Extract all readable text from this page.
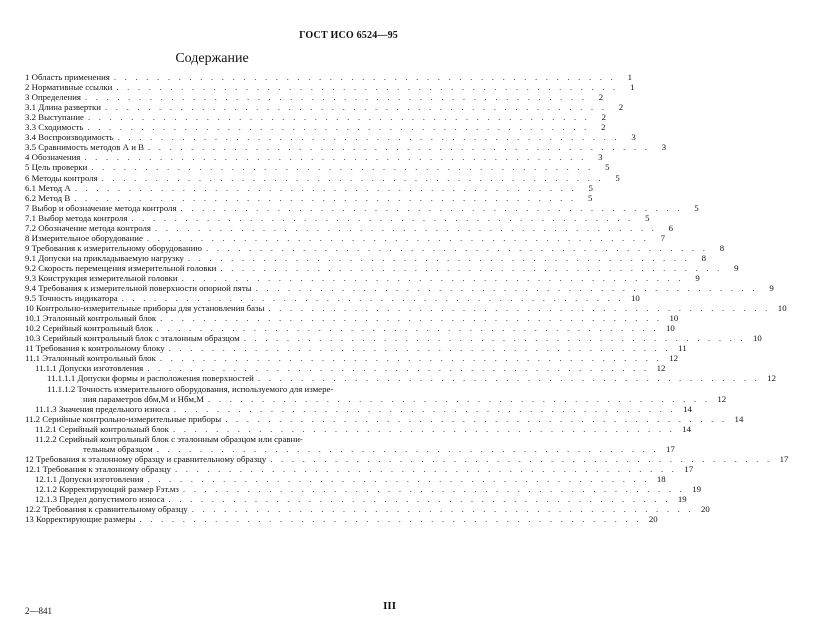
ГОСТ ИСО 6524—95
Содержание
1 Область применения . . . . . . . . . . . . . . . . . . . . . . . . . . . . . . . . . . . . . . . . . . . . . . .	1
2 Нормативные ссылки . . . . . . . . . . . . . . . . . . . . . . . . . . . . . . . . . . . . . . . . . . . . . . .	1
3 Определения . . . . . . . . . . . . . . . . . . . . . . . . . . . . . . . . . . . . . . . . . . . . . . .	2
3.1 Длина развертки . . . . . . . . . . . . . . . . . . . . . . . . . . . . . . . . . . . . . . . . . . . . . . .	2
3.2 Выступание . . . . . . . . . . . . . . . . . . . . . . . . . . . . . . . . . . . . . . . . . . . . . . .	2
3.3 Сходимость . . . . . . . . . . . . . . . . . . . . . . . . . . . . . . . . . . . . . . . . . . . . . . .	2
3.4 Воспроизводимость . . . . . . . . . . . . . . . . . . . . . . . . . . . . . . . . . . . . . . . . . . . . . . .	3
3.5 Сравнимость методов А и В . . . . . . . . . . . . . . . . . . . . . . . . . . . . . . . . . . . . . . . . . . . . . . .	3
4 Обозначения . . . . . . . . . . . . . . . . . . . . . . . . . . . . . . . . . . . . . . . . . . . . . . .	3
5 Цель проверки . . . . . . . . . . . . . . . . . . . . . . . . . . . . . . . . . . . . . . . . . . . . . . .	5
6 Методы контроля . . . . . . . . . . . . . . . . . . . . . . . . . . . . . . . . . . . . . . . . . . . . . . .	5
6.1 Метод А . . . . . . . . . . . . . . . . . . . . . . . . . . . . . . . . . . . . . . . . . . . . . . .	5
6.2 Метод В . . . . . . . . . . . . . . . . . . . . . . . . . . . . . . . . . . . . . . . . . . . . . . .	5
7 Выбор и обозначение метода контроля . . . . . . . . . . . . . . . . . . . . . . . . . . . . . . . . . . . . . . . . . . . . . . .	5
7.1 Выбор метода контроля . . . . . . . . . . . . . . . . . . . . . . . . . . . . . . . . . . . . . . . . . . . . . . .	5
7.2 Обозначение метода контроля . . . . . . . . . . . . . . . . . . . . . . . . . . . . . . . . . . . . . . . . . . . . . . .	6
8 Измерительное оборудование . . . . . . . . . . . . . . . . . . . . . . . . . . . . . . . . . . . . . . . . . . . . . . .	7
9 Требования к измерительному оборудованию . . . . . . . . . . . . . . . . . . . . . . . . . . . . . . . . . . . . . . . . . . . . . . .	8
9.1 Допуски на прикладываемую нагрузку . . . . . . . . . . . . . . . . . . . . . . . . . . . . . . . . . . . . . . . . . . . . . . .	8
9.2 Скорость перемещения измерительной головки . . . . . . . . . . . . . . . . . . . . . . . . . . . . . . . . . . . . . . . . . . . . . . .	9
9.3 Конструкция измерительной головки . . . . . . . . . . . . . . . . . . . . . . . . . . . . . . . . . . . . . . . . . . . . . . .	9
9.4 Требования к измерительной поверхности опорной пяты . . . . . . . . . . . . . . . . . . . . . . . . . . . . . . . . . . . . . . . . . . . . . . .	9
9.5 Точность индикатора . . . . . . . . . . . . . . . . . . . . . . . . . . . . . . . . . . . . . . . . . . . . . . . 10
10 Контрольно-измерительные приборы для установления базы . . . . . . . . . . . . . . . . . . . . . . . . . . . . . . . . . . . . . . . . . . . . . . . 10
10.1 Эталонный контрольный блок . . . . . . . . . . . . . . . . . . . . . . . . . . . . . . . . . . . . . . . . . . . . . . . 10
10.2 Серийный контрольный блок . . . . . . . . . . . . . . . . . . . . . . . . . . . . . . . . . . . . . . . . . . . . . . . 10
10.3 Серийный контрольный блок с эталонным образцом . . . . . . . . . . . . . . . . . . . . . . . . . . . . . . . . . . . . . . . . . . . . . . . 10
11 Требования к контрольному блоку . . . . . . . . . . . . . . . . . . . . . . . . . . . . . . . . . . . . . . . . . . . . . . . 11
11.1 Эталонный контрольный блок . . . . . . . . . . . . . . . . . . . . . . . . . . . . . . . . . . . . . . . . . . . . . . . 12
11.1.1 Допуски изготовления . . . . . . . . . . . . . . . . . . . . . . . . . . . . . . . . . . . . . . . . . . . . . . . 12
11.1.1.1 Допуски формы и расположения поверхностей . . . . . . . . . . . . . . . . . . . . . . . . . . . . . . . . . . . . . . . . . . . . . . . 12
11.1.1.2 Точность измерительного оборудования, используемого для измере-
ния параметров dбм,М и Нбм,М . . . . . . . . . . . . . . . . . . . . . . . . . . . . . . . . . . . . . . . . . . . . . . . 12
11.1.3 Значения предельного износа . . . . . . . . . . . . . . . . . . . . . . . . . . . . . . . . . . . . . . . . . . . . . . . 14
11.2 Серийные контрольно-измерительные приборы . . . . . . . . . . . . . . . . . . . . . . . . . . . . . . . . . . . . . . . . . . . . . . . 14
11.2.1 Серийный контрольный блок . . . . . . . . . . . . . . . . . . . . . . . . . . . . . . . . . . . . . . . . . . . . . . . 14
11.2.2 Серийный контрольный блок с эталонным образцом или сравни-
тельным образцом . . . . . . . . . . . . . . . . . . . . . . . . . . . . . . . . . . . . . . . . . . . . . . . 17
12 Требования к эталонному образцу и сравнительному образцу . . . . . . . . . . . . . . . . . . . . . . . . . . . . . . . . . . . . . . . . . . . . . . . 17
12.1 Требования к эталонному образцу . . . . . . . . . . . . . . . . . . . . . . . . . . . . . . . . . . . . . . . . . . . . . . . 17
12.1.1 Допуски изготовления . . . . . . . . . . . . . . . . . . . . . . . . . . . . . . . . . . . . . . . . . . . . . . . 18
12.1.2 Корректирующий размер Fэт.мз . . . . . . . . . . . . . . . . . . . . . . . . . . . . . . . . . . . . . . . . . . . . . . . 19
12.1.3 Предел допустимого износа . . . . . . . . . . . . . . . . . . . . . . . . . . . . . . . . . . . . . . . . . . . . . . . 19
12.2 Требования к сравнительному образцу . . . . . . . . . . . . . . . . . . . . . . . . . . . . . . . . . . . . . . . . . . . . . . . 20
13 Корректирующие размеры . . . . . . . . . . . . . . . . . . . . . . . . . . . . . . . . . . . . . . . . . . . . . . . 20
2—841	III
